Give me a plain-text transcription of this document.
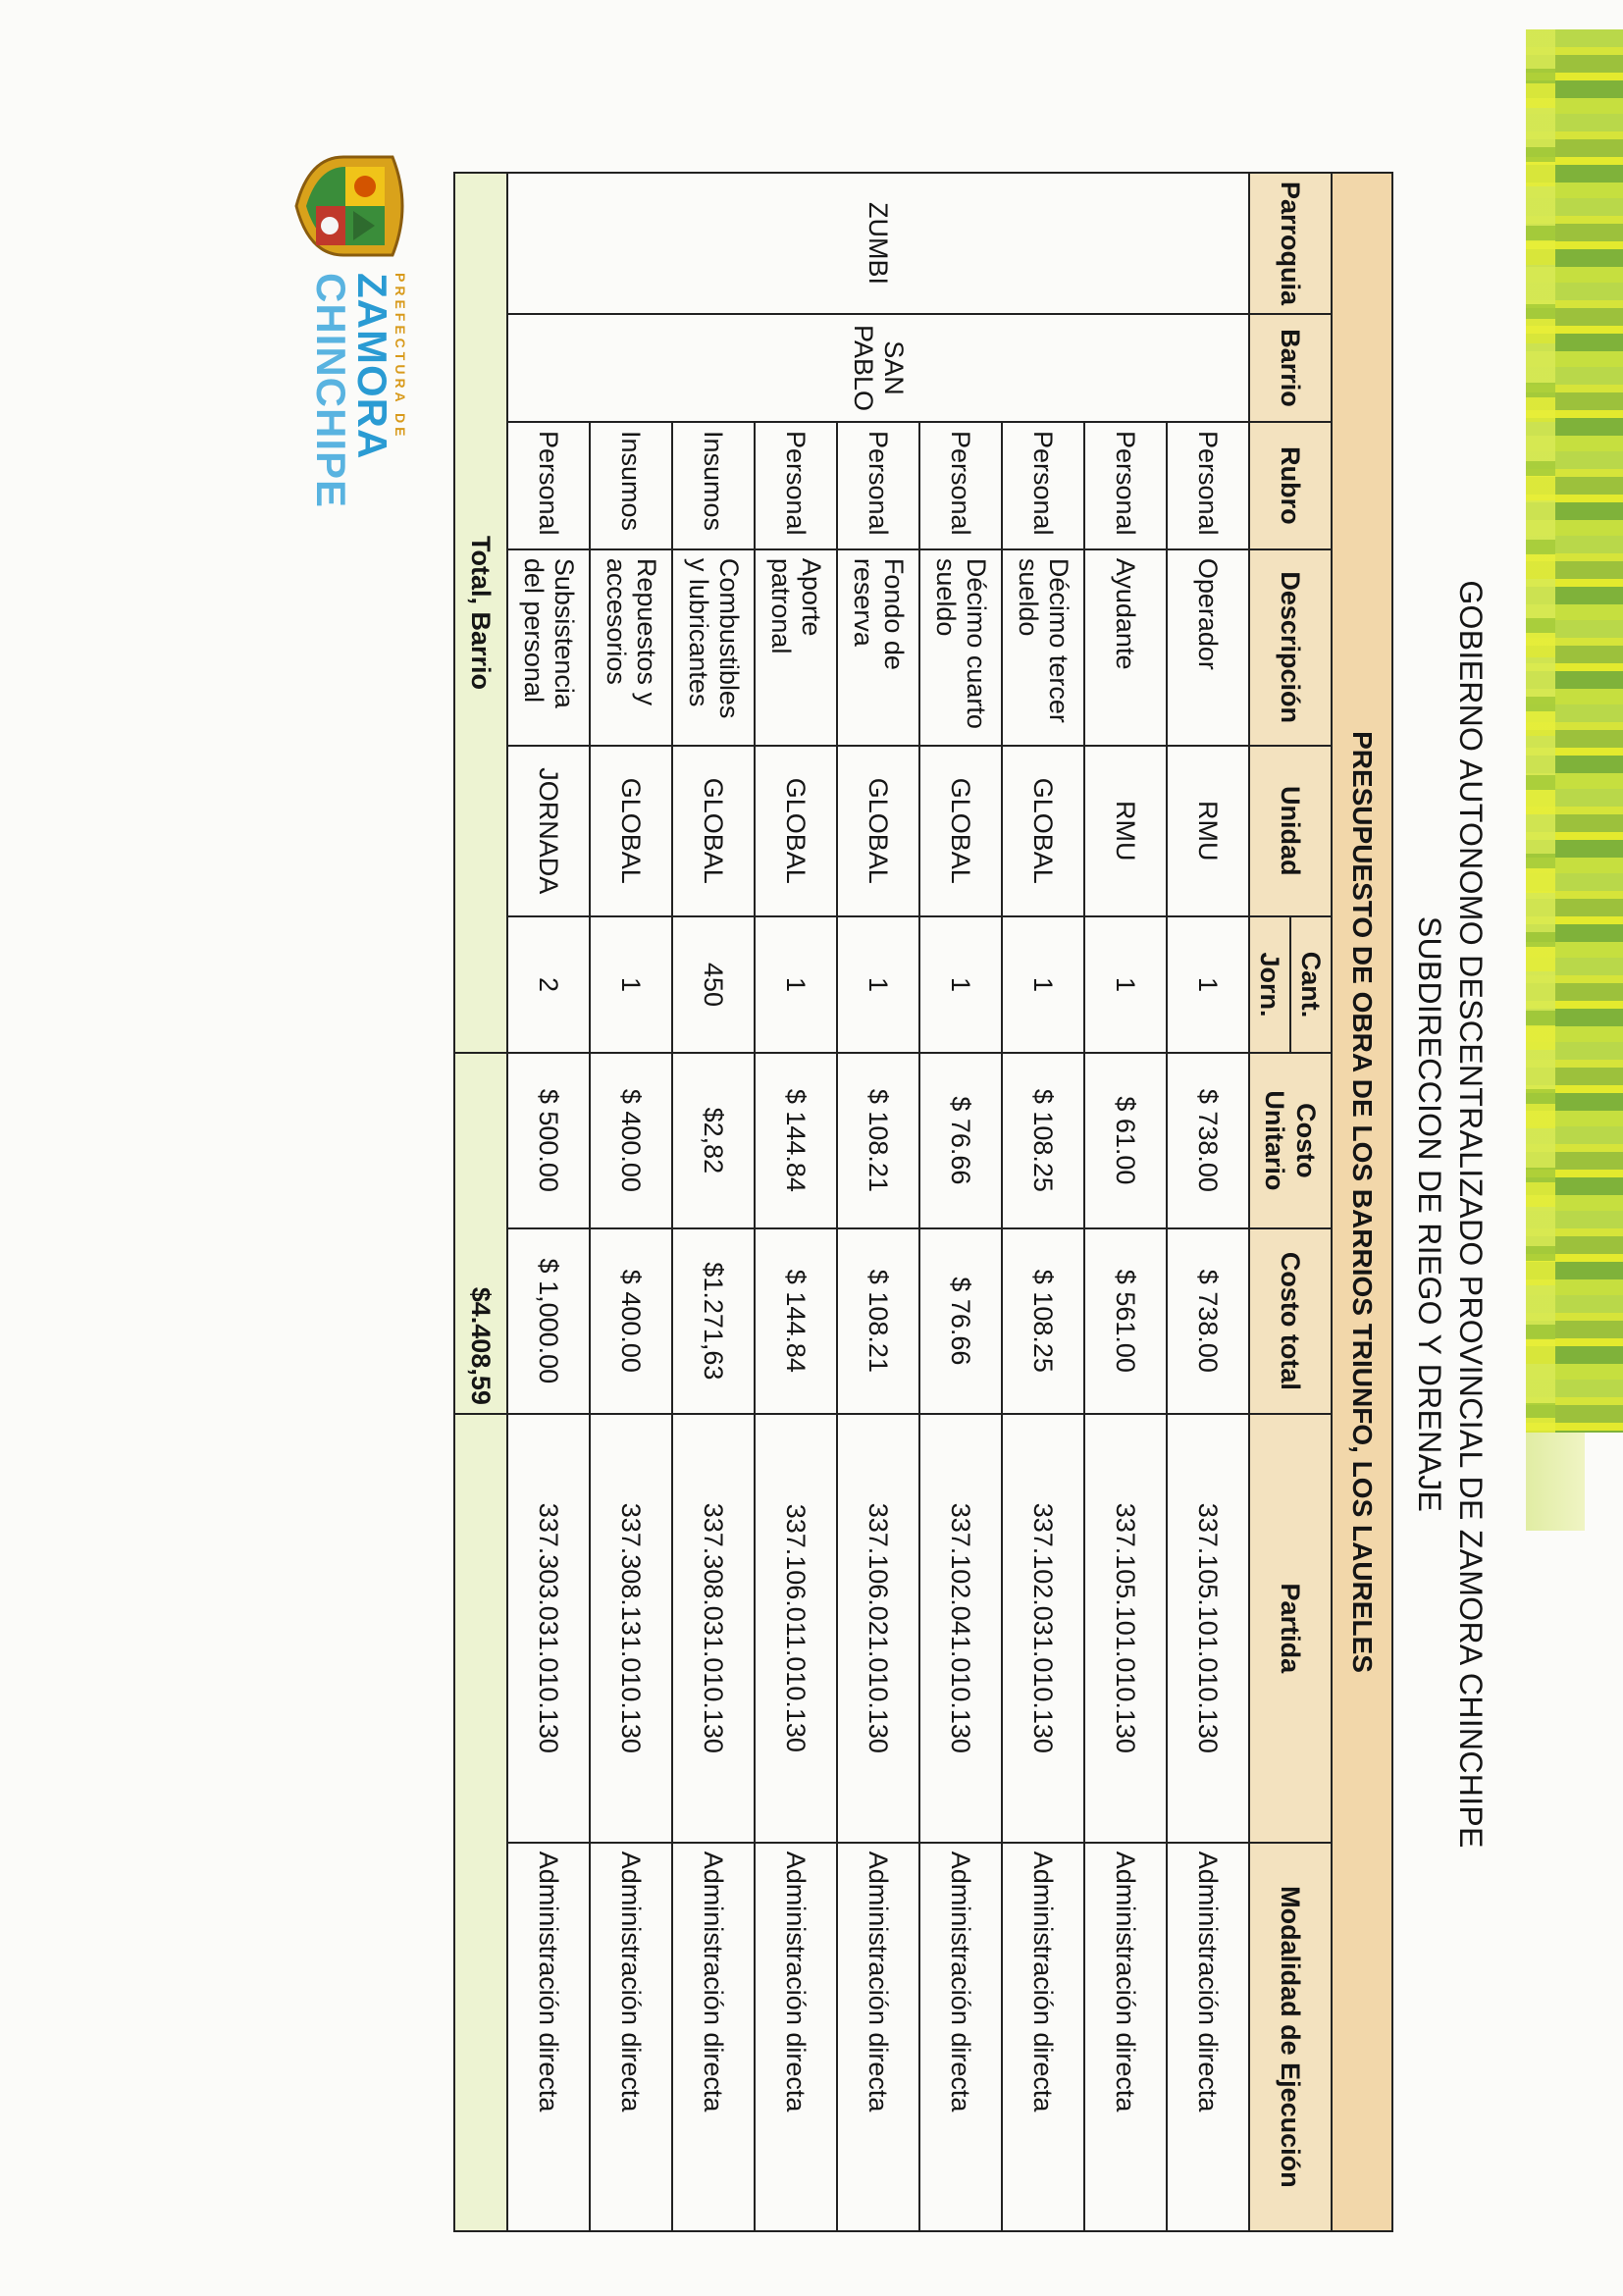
GOBIERNO AUTONOMO DESCENTRALIZADO PROVINCIAL DE ZAMORA CHINCHIPE
SUBDIRECCION DE RIEGO Y DRENAJE
PREFECTURA DE
ZAMORA
CHINCHIPE
PRESUPUESTO DE OBRA DE LOS BARRIOS TRIUNFO, LOS LAURELES									
Parroquia	Barrio	Rubro	Descripción	Unidad	Cant.	Costo Unitario	Costo total	Partida	Modalidad de Ejecución
					Jorn.				
ZUMBI	SAN PABLO	Personal	Operador	RMU	1	$ 738.00	$ 738.00	337.105.101.010.130	Administración directa
		Personal	Ayudante	RMU	1	$ 61.00	$ 561.00	337.105.101.010.130	Administración directa
		Personal	Décimo tercer sueldo	GLOBAL	1	$ 108.25	$ 108.25	337.102.031.010.130	Administración directa
		Personal	Décimo cuarto sueldo	GLOBAL	1	$ 76.66	$ 76.66	337.102.041.010.130	Administración directa
		Personal	Fondo de reserva	GLOBAL	1	$ 108.21	$ 108.21	337.106.021.010.130	Administración directa
		Personal	Aporte patronal	GLOBAL	1	$ 144.84	$ 144.84	337.106.011.010.130	Administración directa
		Insumos	Combustibles y lubricantes	GLOBAL	450	$2,82	$1.271,63	337.308.031.010.130	Administración directa
		Insumos	Repuestos y accesorios	GLOBAL	1	$ 400.00	$ 400.00	337.308.131.010.130	Administración directa
		Personal	Subsistencia del personal	JORNADA	2	$ 500.00	$ 1,000.00	337.303.031.010.130	Administración directa
Total, Barrio						$4.408,59			
